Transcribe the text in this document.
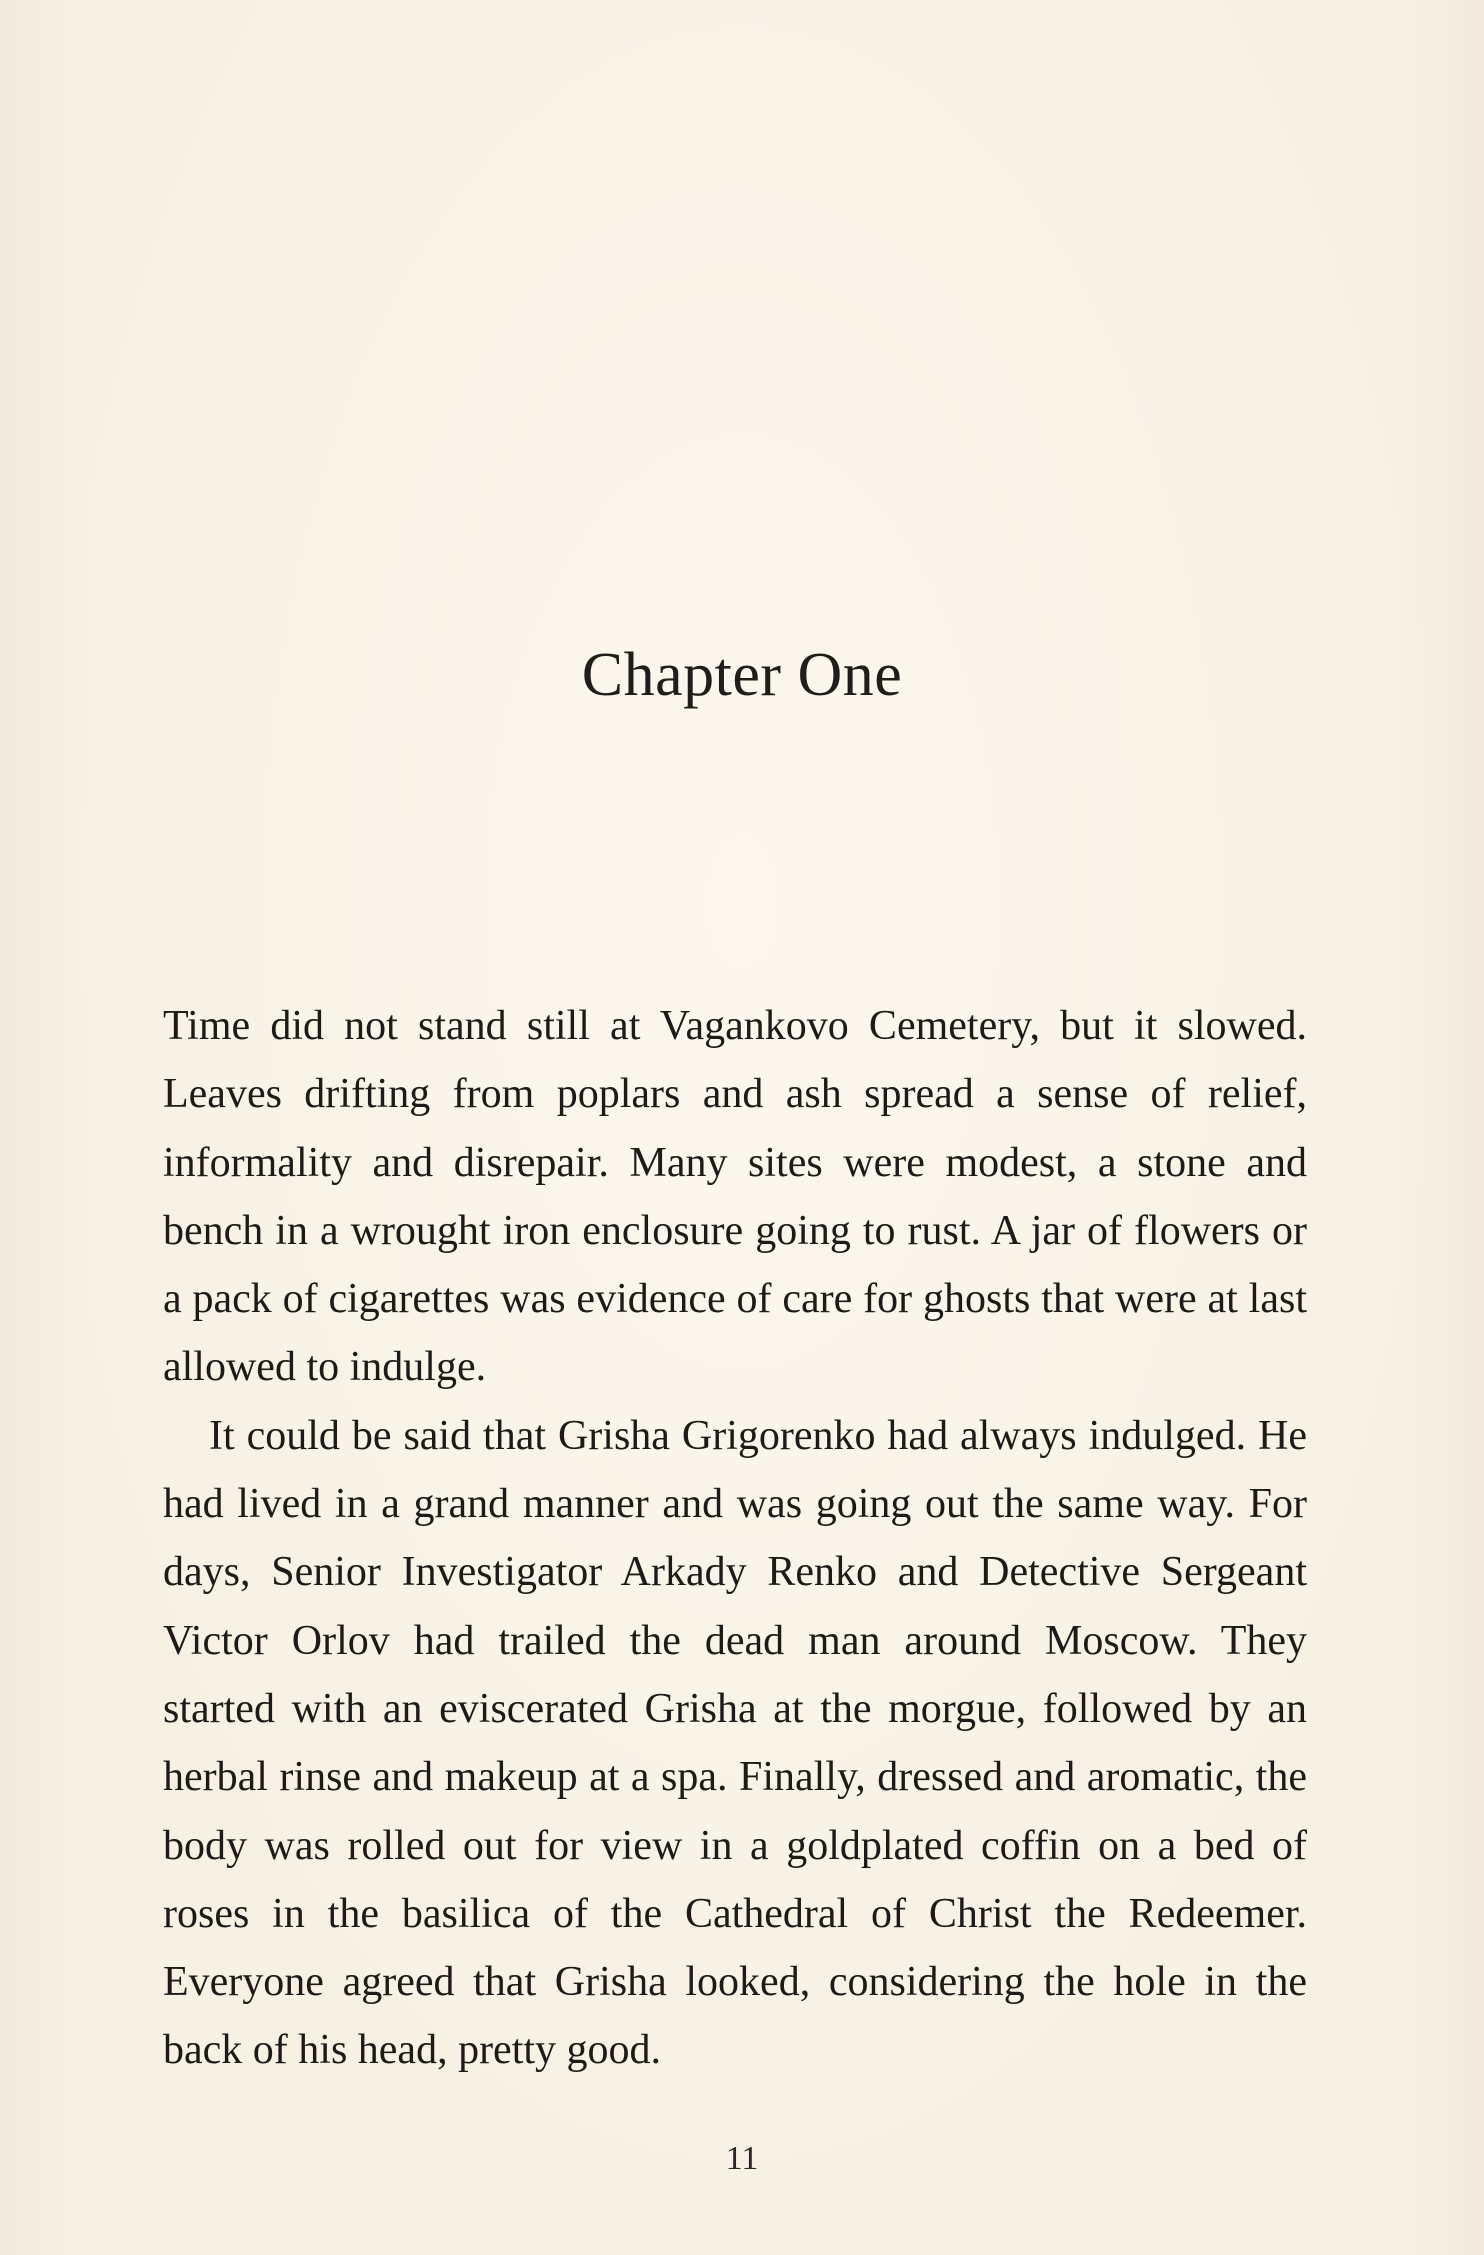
Chapter One

Time did not stand still at Vagankovo Cemetery, but it slowed. Leaves drifting from poplars and ash spread a sense of relief, informality and disrepair. Many sites were modest, a stone and bench in a wrought iron enclosure going to rust. A jar of flowers or a pack of cigarettes was evidence of care for ghosts that were at last allowed to indulge.

It could be said that Grisha Grigorenko had always indulged. He had lived in a grand manner and was going out the same way. For days, Senior Investigator Arkady Renko and Detective Sergeant Victor Orlov had trailed the dead man around Moscow. They started with an eviscerated Grisha at the morgue, followed by an herbal rinse and makeup at a spa. Finally, dressed and aromatic, the body was rolled out for view in a goldplated coffin on a bed of roses in the basilica of the Cathedral of Christ the Redeemer. Everyone agreed that Grisha looked, considering the hole in the back of his head, pretty good.

11
